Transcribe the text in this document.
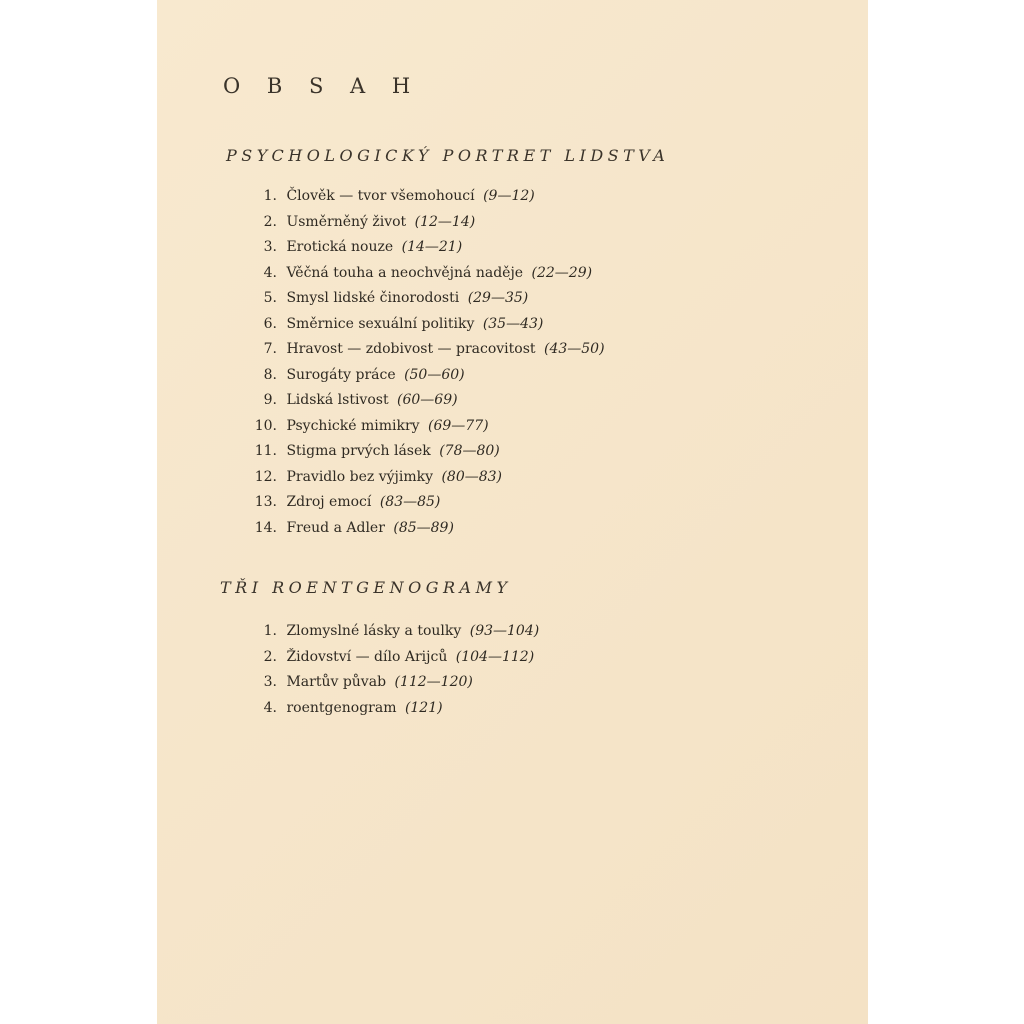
O B S A H
PSYCHOLOGICKÝ PORTRET LIDSTVA
1. Člověk — tvor všemohoucí (9—12)
2. Usměrněný život (12—14)
3. Erotická nouze (14—21)
4. Věčná touha a neochvějná naděje (22—29)
5. Smysl lidské činorodosti (29—35)
6. Směrnice sexuální politiky (35—43)
7. Hravost — zdobivost — pracovitost (43—50)
8. Surogáty práce (50—60)
9. Lidská lstivost (60—69)
10. Psychické mimikry (69—77)
11. Stigma prvých lásek (78—80)
12. Pravidlo bez výjimky (80—83)
13. Zdroj emocí (83—85)
14. Freud a Adler (85—89)
TŘI ROENTGENOGRAMY
1. Zlomyslné lásky a toulky (93—104)
2. Židovství — dílo Arijců (104—112)
3. Martův půvab (112—120)
4. roentgenogram (121)
